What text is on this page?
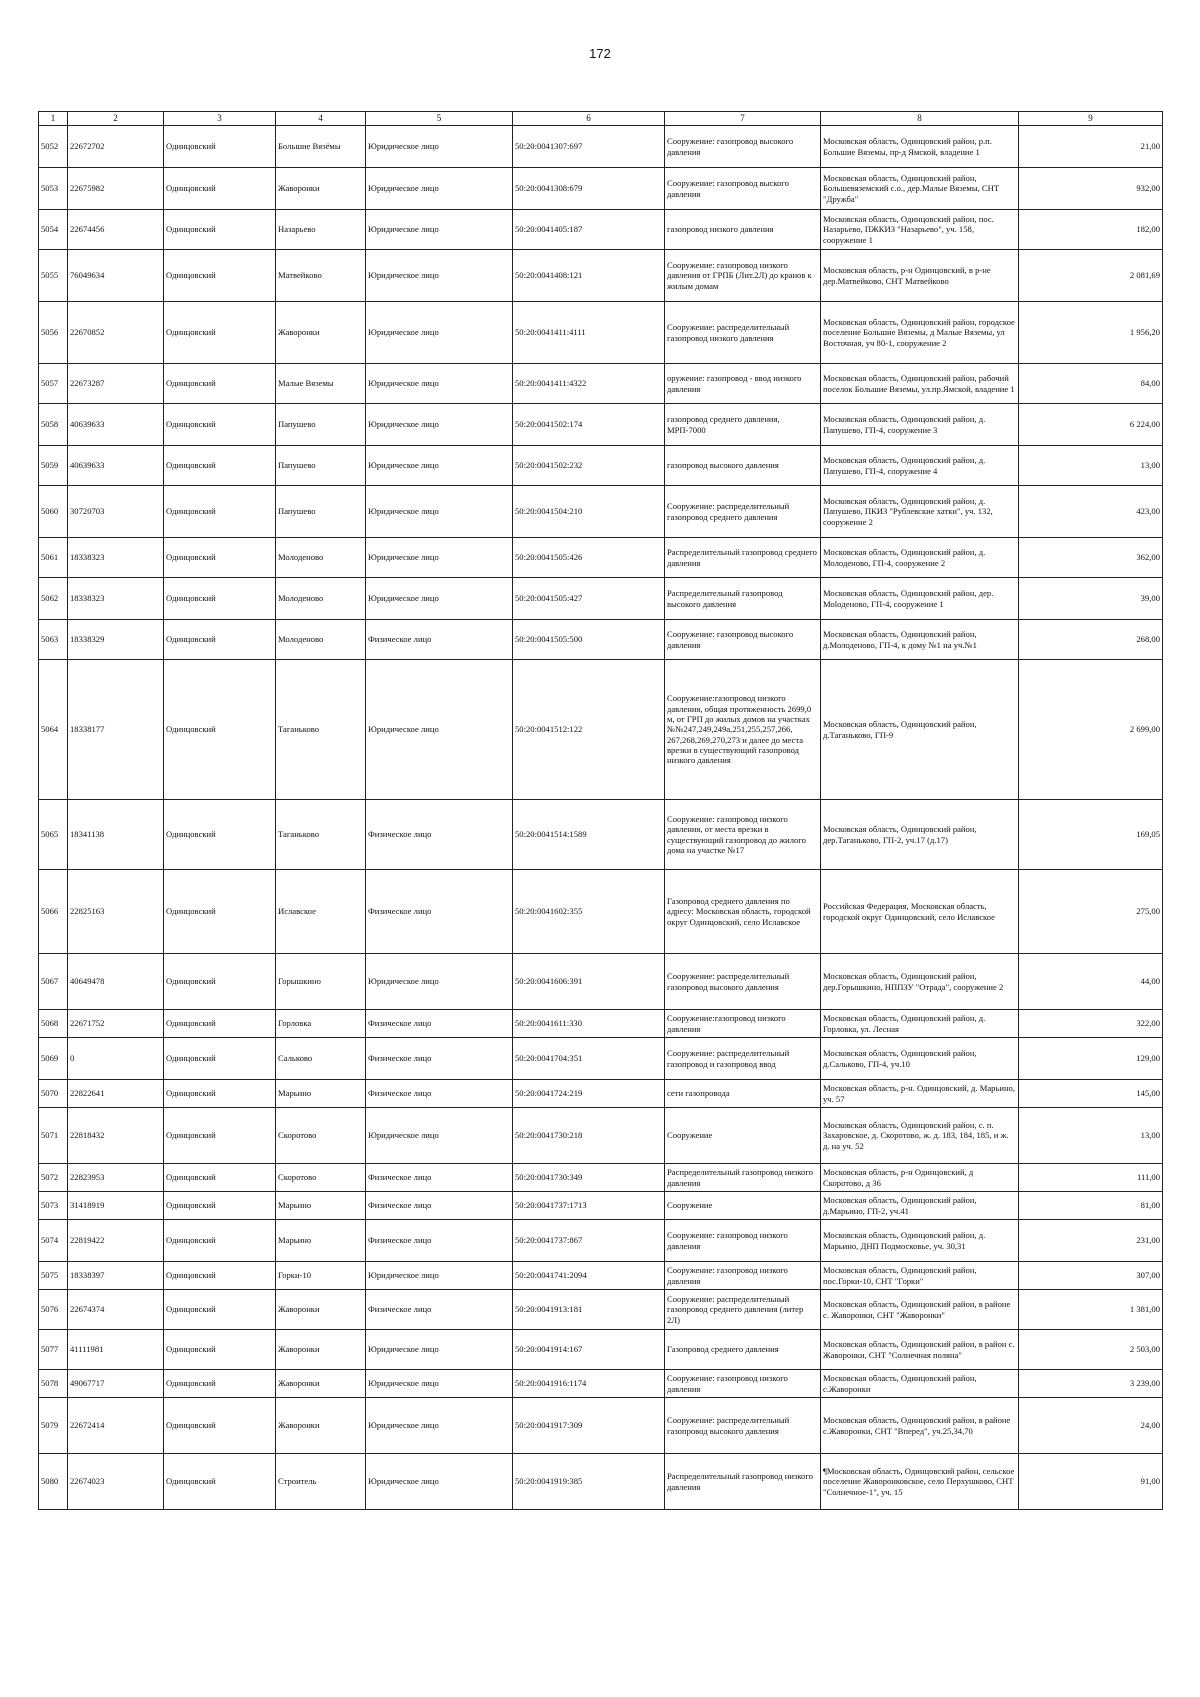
172
1	2	3	4	5	6	7	8	9
5052	22672702	Одинцовский	Большие Вязёмы	Юридическое лицо	50:20:0041307:697	Сооружение: газопровод высокого давления	Московская область, Одинцовский район, р.п. Большие Вяземы, пр-д Ямской, владение 1	21,00
5053	22675982	Одинцовский	Жаворонки	Юридическое лицо	50:20:0041308:679	Сооружение: газопровод выского давления	Московская область, Одинцовский район, Большевяземский с.о., дер.Малые Вяземы, СНТ "Дружба"	932,00
5054	22674456	Одинцовский	Назарьево	Юридическое лицо	50:20:0041405:187	газопровод низкого давления	Московская область, Одинцовский район, пос. Назарьево, ПЖКИЗ "Назарьево", уч. 158, сооружение 1	182,00
5055	76049634	Одинцовский	Матвейково	Юридическое лицо	50:20:0041408:121	Сооружение: газопровод низкого давления от ГРПБ (Лит.2Л) до кранов к жилым домам	Московская область, р-н Одинцовский, в р-не дер.Матвейково, СНТ Матвейково	2 081,69
5056	22670852	Одинцовский	Жаворонки	Юридическое лицо	50:20:0041411:4111	Сооружение: распределительный газопровод низкого давления	Московская область, Одинцовский район, городское поселение Большие Вяземы, д Малые Вяземы, ул Восточная, уч 80-1, сооружение 2	1 956,20
5057	22673287	Одинцовский	Малые Вяземы	Юридическое лицо	50:20:0041411:4322	оружение: газопровод - ввод низкого давления	Московская область, Одинцовский район, рабочий поселок Большие Вяземы, ул.пр.Ямской, владение 1	84,00
5058	40639633	Одинцовский	Папушево	Юридическое лицо	50:20:0041502:174	газопровод среднего давления, МРП-7000	Московская область, Одинцовский район, д. Папушево, ГП-4, сооружение 3	6 224,00
5059	40639633	Одинцовский	Папушево	Юридическое лицо	50:20:0041502:232	газопровод высокого давления	Московская область, Одинцовский район, д. Папушево, ГП-4, сооружение 4	13,00
5060	30720703	Одинцовский	Папушево	Юридическое лицо	50:20:0041504:210	Сооружение: распределительный газопровод среднего давления	Московская область, Одинцовский район, д. Папушево, ПКИЗ "Рублевские хатки", уч. 132, сооружение 2	423,00
5061	18338323	Одинцовский	Молоденово	Юридическое лицо	50:20:0041505:426	Распределительный газопровод среднего давления	Московская область, Одинцовский район, д. Молоденово, ГП-4, сооружение 2	362,00
5062	18338323	Одинцовский	Молоденово	Юридическое лицо	50:20:0041505:427	Распределительный газопровод высокого давления	Московская область, Одинцовский район, дер. Моloденово, ГП-4, сооружение 1	39,00
5063	18338329	Одинцовский	Молоденово	Физическое лицо	50:20:0041505:500	Сооружение: газопровод высокого давления	Московская область, Одинцовский район, д.Молоденово, ГП-4, к дому №1 на уч.№1	268,00
5064	18338177	Одинцовский	Таганьково	Юридическое лицо	50:20:0041512:122	Сооружение:газопровод низкого давления, общая протяженность 2699,0 м, от ГРП до жилых домов на участках №№247,249,249а,251,255,257,266, 267,268,269,270,273 и далее до места врезки в существующий газопровод низкого давления	Московская область, Одинцовский район, д.Таганьково, ГП-9	2 699,00
5065	18341138	Одинцовский	Таганьково	Физическое лицо	50:20:0041514:1589	Сооружение: газопровод низкого давления, от места врезки в существующий газопровод до жилого дома на участке №17	Московская область, Одинцовский район, дер.Таганьково, ГП-2, уч.17 (д.17)	169,05
5066	22825163	Одинцовский	Иславское	Физическое лицо	50:20:0041602:355	Газопровод среднего давления по адресу: Московская область, городской округ Одинцовский, село Иславское	Российская Федерация, Московская область, городской округ Одинцовский, село Иславское	275,00
5067	40649478	Одинцовский	Горышкино	Юридическое лицо	50:20:0041606:391	Сооружение: распределительный газопровод высокого давления	Московская область, Одинцовский район, дер.Горышкино, НППЗУ "Отрада", сооружение 2	44,00
5068	22671752	Одинцовский	Горловка	Физическое лицо	50:20:0041611:330	Сооружение:газопровод низкого давления	Московская область, Одинцовский район, д. Горловка, ул. Лесная	322,00
5069	0	Одинцовский	Сальково	Физическое лицо	50:20:0041704:351	Сооружение: распределительный газопровод и газопровод ввод	Московская область, Одинцовский район, д.Сальково, ГП-4, уч.10	129,00
5070	22822641	Одинцовский	Марьино	Физическое лицо	50:20:0041724:219	сети газопровода	Московская область, р-н. Одинцовский, д. Марьино, уч. 57	145,00
5071	22818432	Одинцовский	Скоротово	Юридическое лицо	50:20:0041730:218	Сооружение	Московская область, Одинцовский район, с. п. Захаровское, д. Скоротово, ж. д. 183, 184, 185, и ж. д. на уч. 52	13,00
5072	22823953	Одинцовский	Скоротово	Физическое лицо	50:20:0041730:349	Распределительный газопровод низкого давления	Московская область, р-н Одинцовский, д Скоротово, д 36	111,00
5073	31418919	Одинцовский	Марьино	Физическое лицо	50:20:0041737:1713	Сооружение	Московская область, Одинцовский район, д.Марьино, ГП-2, уч.41	81,00
5074	22819422	Одинцовский	Марьино	Физическое лицо	50:20:0041737:867	Сооружение: газопровод низкого давления	Московская область, Одинцовский район, д. Марьино, ДНП Подмосковье, уч. 30,31	231,00
5075	18338397	Одинцовский	Горки-10	Юридическое лицо	50:20:0041741:2094	Сооружение: газопровод низкого давления	Московская область, Одинцовский район, пос.Горки-10, СНТ "Горки"	307,00
5076	22674374	Одинцовский	Жаворонки	Физическое лицо	50:20:0041913:181	Сооружение: распределительный газопровод среднего давления (литер 2Л)	Московская область, Одинцовский район, в районе с. Жаворонки, СНТ "Жаворонки"	1 381,00
5077	41111981	Одинцовский	Жаворонки	Юридическое лицо	50:20:0041914:167	Газопровод среднего давления	Московская область, Одинцовский район, в район с. Жаворонки, СНТ "Солнечная поляна"	2 503,00
5078	49067717	Одинцовский	Жаворонки	Юридическое лицо	50:20:0041916:1174	Сооружение: газопровод низкого давления	Московская область, Одинцовский район, с.Жаворонки	3 239,00
5079	22672414	Одинцовский	Жаворонки	Юридическое лицо	50:20:0041917:309	Сооружение: распределительный газопровод высокого давления	Московская область, Одинцовский район, в районе с.Жаворонки, СНТ "Вперед", уч.25,34,70	24,00
5080	22674023	Одинцовский	Строитель	Юридическое лицо	50:20:0041919:385	Распределительный газопровод низкого давления	¶Московская область, Одинцовский район, сельское поселение Жаворонковское, село Перхушково, СНТ "Солнечное-1", уч. 15	91,00
